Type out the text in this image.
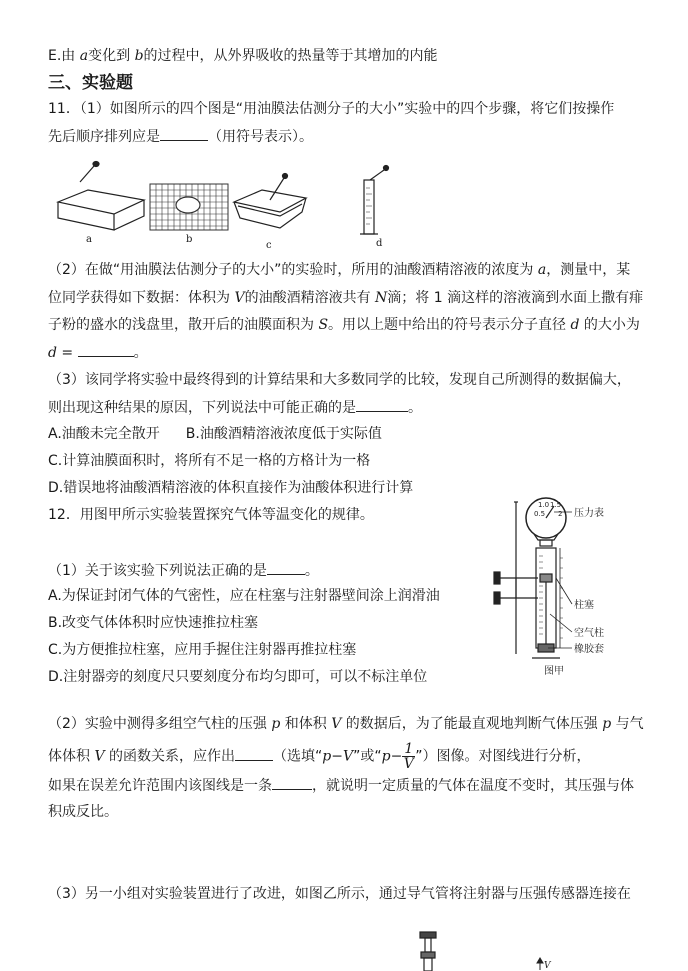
E.由 a变化到 b的过程中，从外界吸收的热量等于其增加的内能
三、实验题
11．（1）如图所示的四个图是“用油膜法估测分子的大小”实验中的四个步骤，将它们按操作
先后顺序排列应是	（用符号表示）。
a	b
c	d
（2）在做“用油膜法估测分子的大小”的实验时，所用的油酸酒精溶液的浓度为 a，测量中，某
位同学获得如下数据：体积为 V的油酸酒精溶液共有 N滴；将 1 滴这样的溶液滴到水面上撒有痱
子粉的盛水的浅盘里，散开后的油膜面积为 S。用以上题中给出的符号表示分子直径 d 的大小为
d =	。
（3）该同学将实验中最终得到的计算结果和大多数同学的比较，发现自己所测得的数据偏大，
则出现这种结果的原因，下列说法中可能正确的是	。
A.油酸未完全散开 B.油酸酒精溶液浓度低于实际值
C.计算油膜面积时，将所有不足一格的方格计为一格
D.错误地将油酸酒精溶液的体积直接作为油酸体积进行计算
12．用图甲所示实验装置探究气体等温变化的规律。
（1）关于该实验下列说法正确的是	。
A.为保证封闭气体的气密性，应在柱塞与注射器壁间涂上润滑油
B.改变气体体积时应快速推拉柱塞
C.为方便推拉柱塞，应用手握住注射器再推拉柱塞
D.注射器旁的刻度尺只要刻度分布均匀即可，可以不标注单位
0.5
1.0 1.5
2 压力表
柱塞
空气柱
橡胶套
图甲
（2）实验中测得多组空气柱的压强 p 和体积 V 的数据后，为了能最直观地判断气体压强 p 与气
体体积 V 的函数关系，应作出	（选填“p−V”或“$p- \frac{1}{V}$ ”）图像。对图线进行分析，
如果在误差允许范围内该图线是一条	，就说明一定质量的气体在温度不变时，其压强与体
积成反比。
（3）另一小组对实验装置进行了改进，如图乙所示，通过导气管将注射器与压强传感器连接在
V
